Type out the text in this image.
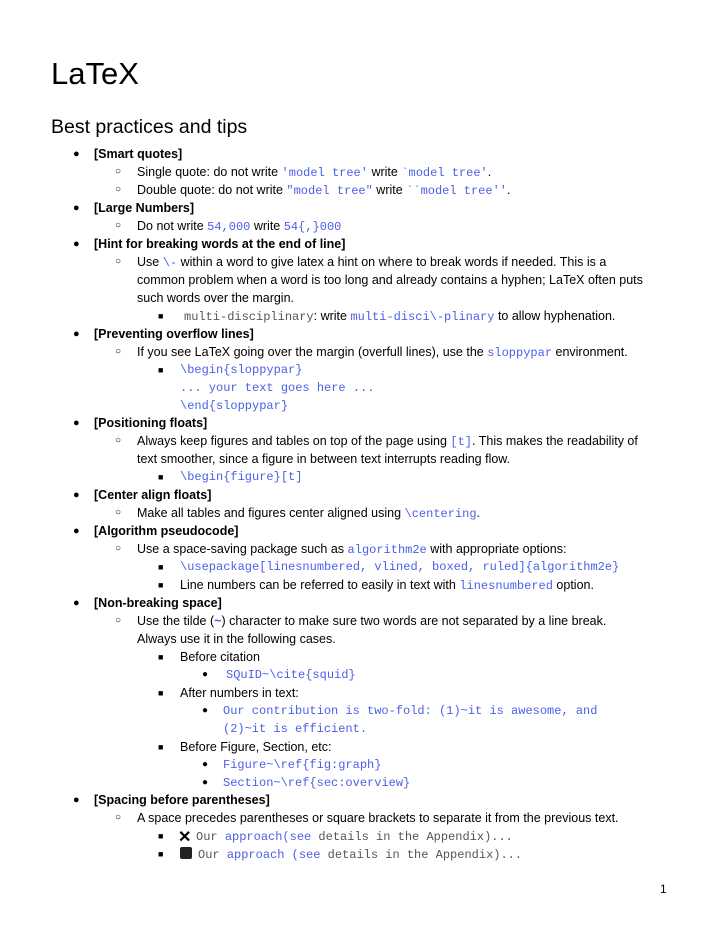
LaTeX
Best practices and tips
●	[Smart quotes]
○ Single quote: do not write 'model tree' write `model tree'.
○ Double quote: do not write "model tree" write ``model tree''.
●	[Large Numbers]
○ Do not write 54,000 write 54{,}000
●	[Hint for breaking words at the end of line]
○ Use \- within a word to give latex a hint on where to break words if needed. This is a
common problem when a word is too long and already contains a hyphen; LaTeX often puts
such words over the margin.
■ multi-disciplinary: write multi-disci\-plinary to allow hyphenation.
●	[Preventing overflow lines]
○ If you see LaTeX going over the margin (overfull lines), use the sloppypar environment.
■ \begin{sloppypar}
... your text goes here ...
\end{sloppypar}
●	[Positioning floats]
○ Always keep figures and tables on top of the page using [t]. This makes the readability of
text smoother, since a figure in between text interrupts reading flow.
■ \begin{figure}[t]
●	[Center align floats]
○ Make all tables and figures center aligned using \centering.
●	[Algorithm pseudocode]
○ Use a space-saving package such as algorithm2e with appropriate options:
■ \usepackage[linesnumbered, vlined, boxed, ruled]{algorithm2e}
■ Line numbers can be referred to easily in text with linesnumbered option.
●	[Non-breaking space]
○ Use the tilde (~) character to make sure two words are not separated by a line break.
Always use it in the following cases.
■ Before citation
● SQuID~\cite{squid}
■ After numbers in text:
● Our contribution is two-fold: (1)~it is awesome, and
(2)~it is efficient.
■ Before Figure, Section, etc:
● Figure~\ref{fig:graph}
● Section~\ref{sec:overview}
●	[Spacing before parentheses]
○ A space precedes parentheses or square brackets to separate it from the previous text.
■ ✕ Our approach(see details in the Appendix)...
■	Our approach (see details in the Appendix)...
1
